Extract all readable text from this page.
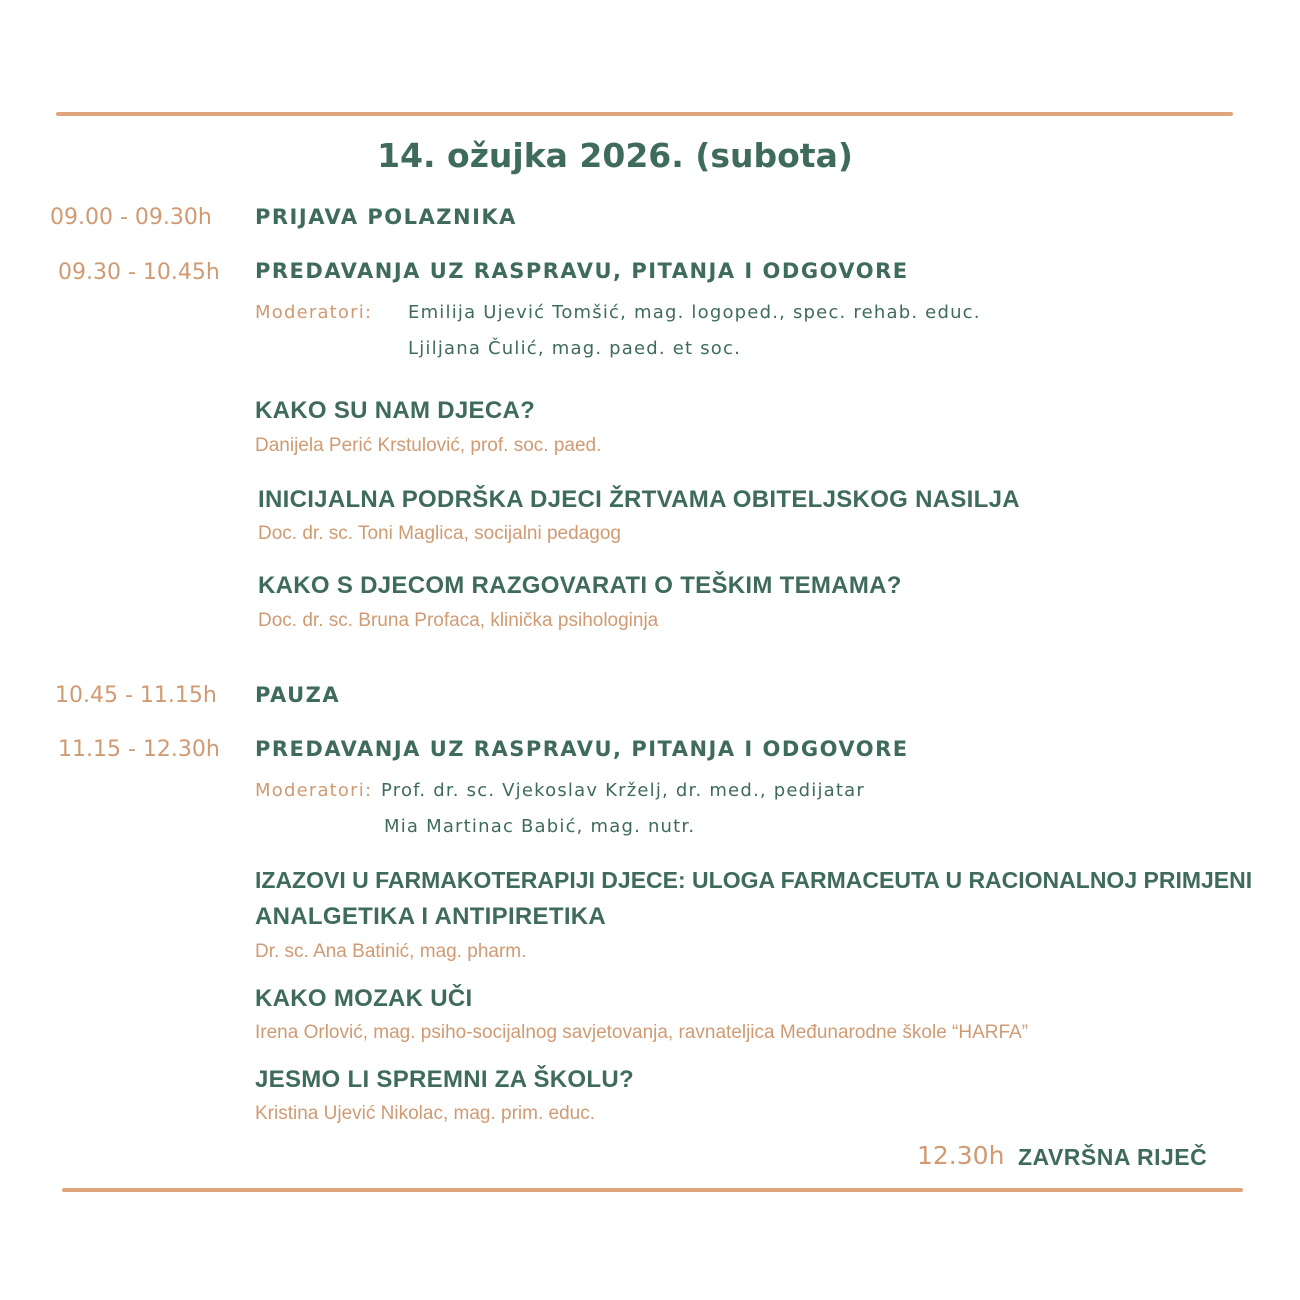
14. ožujka 2026. (subota)
09.00 - 09.30h PRIJAVA POLAZNIKA
09.30 - 10.45h PREDAVANJA UZ RASPRAVU, PITANJA I ODGOVORE
Moderatori: Emilija Ujević Tomšić, mag. logoped., spec. rehab. educ.
Ljiljana Čulić, mag. paed. et soc.
KAKO SU NAM DJECA?
Danijela Perić Krstulović, prof. soc. paed.
INICIJALNA PODRŠKA DJECI ŽRTVAMA OBITELJSKOG NASILJA
Doc. dr. sc. Toni Maglica, socijalni pedagog
KAKO S DJECOM RAZGOVARATI O TEŠKIM TEMAMA?
Doc. dr. sc. Bruna Profaca, klinička psihologinja
10.45 - 11.15h PAUZA
11.15 - 12.30h PREDAVANJA UZ RASPRAVU, PITANJA I ODGOVORE
Moderatori: Prof. dr. sc. Vjekoslav Krželj, dr. med., pedijatar
Mia Martinac Babić, mag. nutr.
IZAZOVI U FARMAKOTERAPIJI DJECE: ULOGA FARMACEUTA U RACIONALNOJ PRIMJENI
ANALGETIKA I ANTIPIRETIKA
Dr. sc. Ana Batinić, mag. pharm.
KAKO MOZAK UČI
Irena Orlović, mag. psiho-socijalnog savjetovanja, ravnateljica Međunarodne škole “HARFA”
JESMO LI SPREMNI ZA ŠKOLU?
Kristina Ujević Nikolac, mag. prim. educ.
12.30h ZAVRŠNA RIJEČ
